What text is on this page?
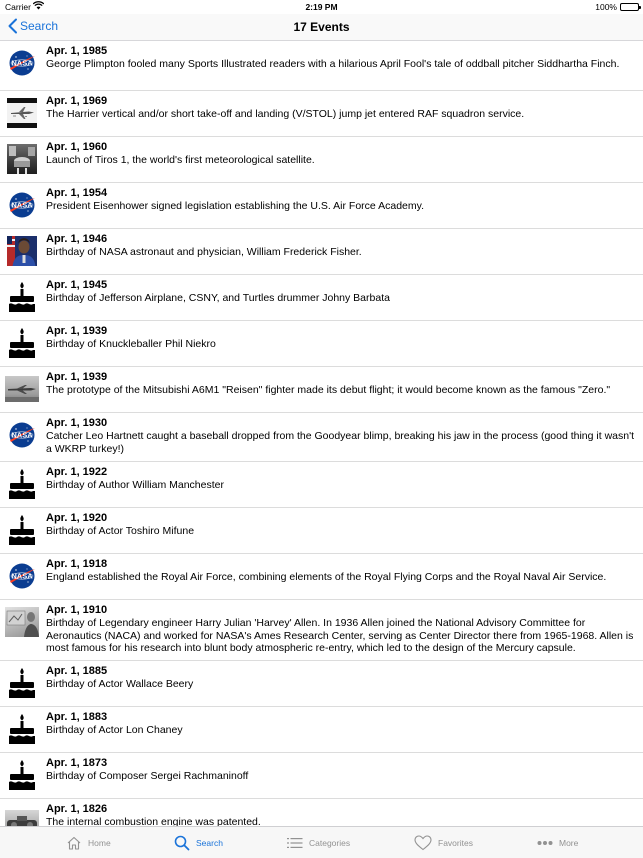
Carrier	2:19 PM	100%
Search	17 Events
NASA
Apr. 1, 1985
George Plimpton fooled many Sports Illustrated readers with a hilarious April Fool's tale of oddball pitcher Siddhartha Finch.
Apr. 1, 1969
The Harrier vertical and/or short take-off and landing (V/STOL) jump jet entered RAF squadron service.
Apr. 1, 1960
Launch of Tiros 1, the world's first meteorological satellite.
NASA
Apr. 1, 1954
President Eisenhower signed legislation establishing the U.S. Air Force Academy.
Apr. 1, 1946
Birthday of NASA astronaut and physician, William Frederick Fisher.
Apr. 1, 1945
Birthday of Jefferson Airplane, CSNY, and Turtles drummer Johny Barbata
Apr. 1, 1939
Birthday of Knuckleballer Phil Niekro
Apr. 1, 1939
The prototype of the Mitsubishi A6M1 "Reisen" fighter made its debut flight; it would become known as the famous "Zero."
NASA
Apr. 1, 1930
Catcher Leo Hartnett caught a baseball dropped from the Goodyear blimp, breaking his jaw in the process (good thing it wasn't a WKRP turkey!)
Apr. 1, 1922
Birthday of Author William Manchester
Apr. 1, 1920
Birthday of Actor Toshiro Mifune
NASA
Apr. 1, 1918
England established the Royal Air Force, combining elements of the Royal Flying Corps and the Royal Naval Air Service.
Apr. 1, 1910
Birthday of Legendary engineer Harry Julian 'Harvey' Allen. In 1936 Allen joined the National Advisory Committee for Aeronautics (NACA) and worked for NASA's Ames Research Center, serving as Center Director there from 1965-1968. Allen is most famous for his research into blunt body atmospheric re-entry, which led to the design of the Mercury capsule.
Apr. 1, 1885
Birthday of Actor Wallace Beery
Apr. 1, 1883
Birthday of Actor Lon Chaney
Apr. 1, 1873
Birthday of Composer Sergei Rachmaninoff
Apr. 1, 1826
The internal combustion engine was patented.
Home	Search	Categories	Favorites	More
